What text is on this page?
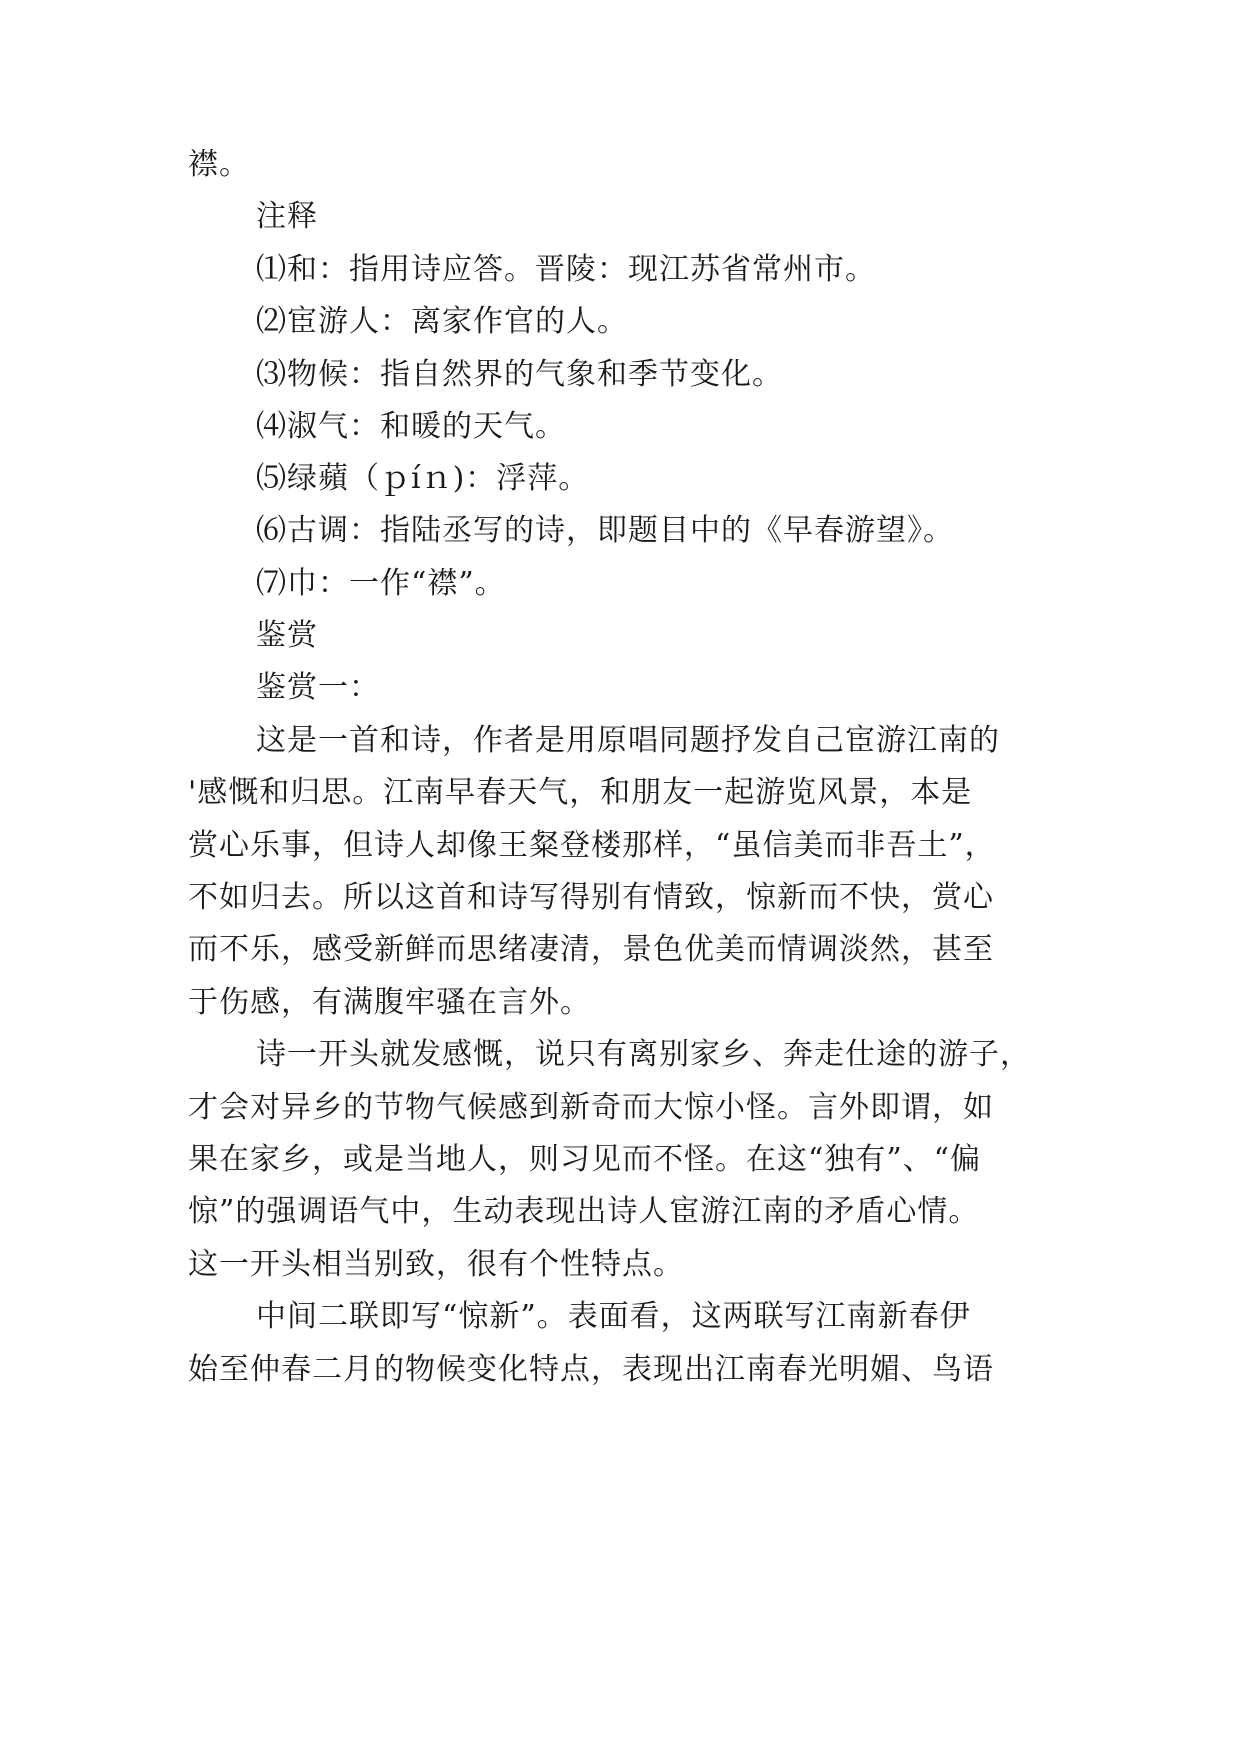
襟。

注释

⑴和：指用诗应答。晋陵：现江苏省常州市。

⑵宦游人：离家作官的人。

⑶物候：指自然界的气象和季节变化。

⑷淑气：和暖的天气。

⑸绿蘋（ｐíｎ)：浮萍。

⑹古调：指陆丞写的诗，即题目中的《早春游望》。

⑺巾：一作“襟”。

鉴赏

鉴赏一：

这是一首和诗，作者是用原唱同题抒发自己宦游江南的

'感慨和归思。江南早春天气，和朋友一起游览风景，本是

赏心乐事，但诗人却像王粲登楼那样，“虽信美而非吾土”，

不如归去。所以这首和诗写得别有情致，惊新而不快，赏心

而不乐，感受新鲜而思绪凄清，景色优美而情调淡然，甚至

于伤感，有满腹牢骚在言外。

诗一开头就发感慨，说只有离别家乡、奔走仕途的游子，

才会对异乡的节物气候感到新奇而大惊小怪。言外即谓，如

果在家乡，或是当地人，则习见而不怪。在这“独有”、“偏

惊”的强调语气中，生动表现出诗人宦游江南的矛盾心情。

这一开头相当别致，很有个性特点。

中间二联即写“惊新”。表面看，这两联写江南新春伊

始至仲春二月的物候变化特点，表现出江南春光明媚、鸟语
